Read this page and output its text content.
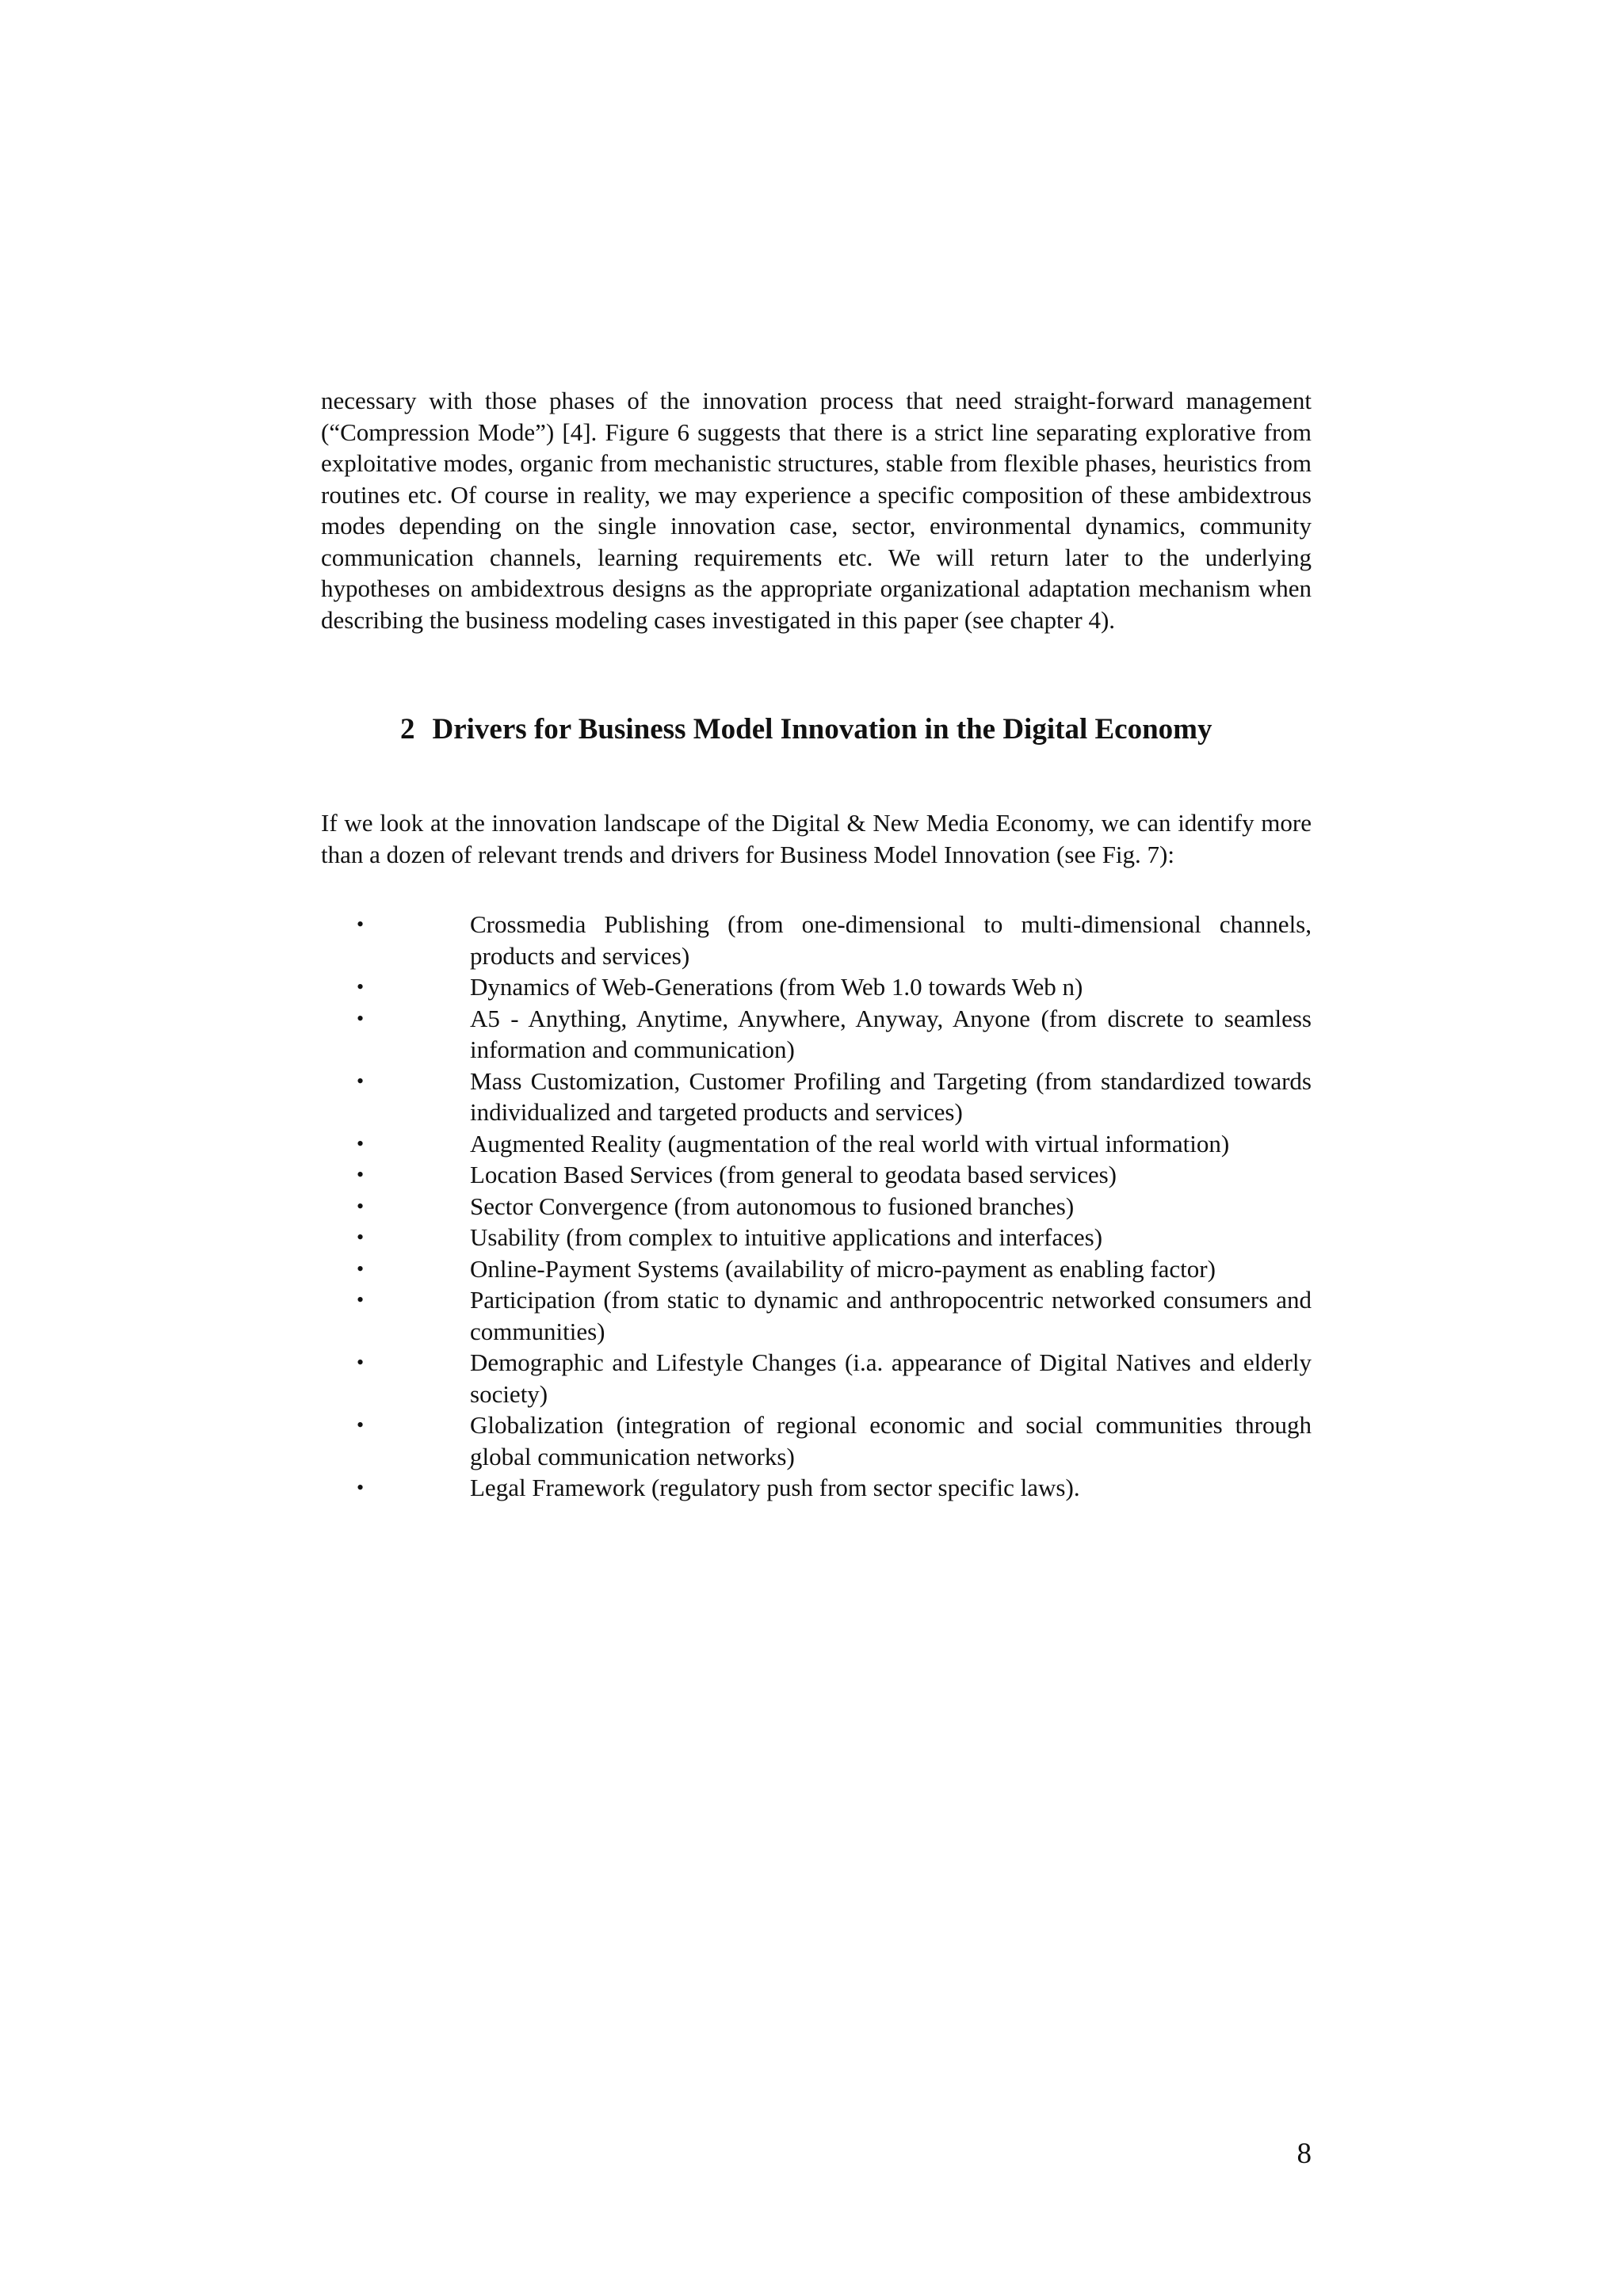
necessary with those phases of the innovation process that need straight-forward management (“Compression Mode”) [4]. Figure 6 suggests that there is a strict line separating explorative from exploitative modes, organic from mechanistic structures, stable from flexible phases, heuristics from routines etc. Of course in reality, we may experience a specific composition of these ambidextrous modes depending on the single innovation case, sector, environmental dynamics, community communication channels, learning requirements etc. We will return later to the underlying hypotheses on ambidextrous designs as the appropriate organizational adaptation mechanism when describing the business modeling cases investigated in this paper (see chapter 4).

2 Drivers for Business Model Innovation in the Digital Economy

If we look at the innovation landscape of the Digital & New Media Economy, we can identify more than a dozen of relevant trends and drivers for Business Model Innovation (see Fig. 7):

•	Crossmedia Publishing (from one-dimensional to multi-dimensional channels, products and services)
•	Dynamics of Web-Generations (from Web 1.0 towards Web n)
•	A5 - Anything, Anytime, Anywhere, Anyway, Anyone (from discrete to seamless information and communication)
•	Mass Customization, Customer Profiling and Targeting (from standardized towards individualized and targeted products and services)
•	Augmented Reality (augmentation of the real world with virtual information)
•	Location Based Services (from general to geodata based services)
•	Sector Convergence (from autonomous to fusioned branches)
•	Usability (from complex to intuitive applications and interfaces)
•	Online-Payment Systems (availability of micro-payment as enabling factor)
•	Participation (from static to dynamic and anthropocentric networked consumers and communities)
•	Demographic and Lifestyle Changes (i.a. appearance of Digital Natives and elderly society)
•	Globalization (integration of regional economic and social communities through global communication networks)
•	Legal Framework (regulatory push from sector specific laws).
8
